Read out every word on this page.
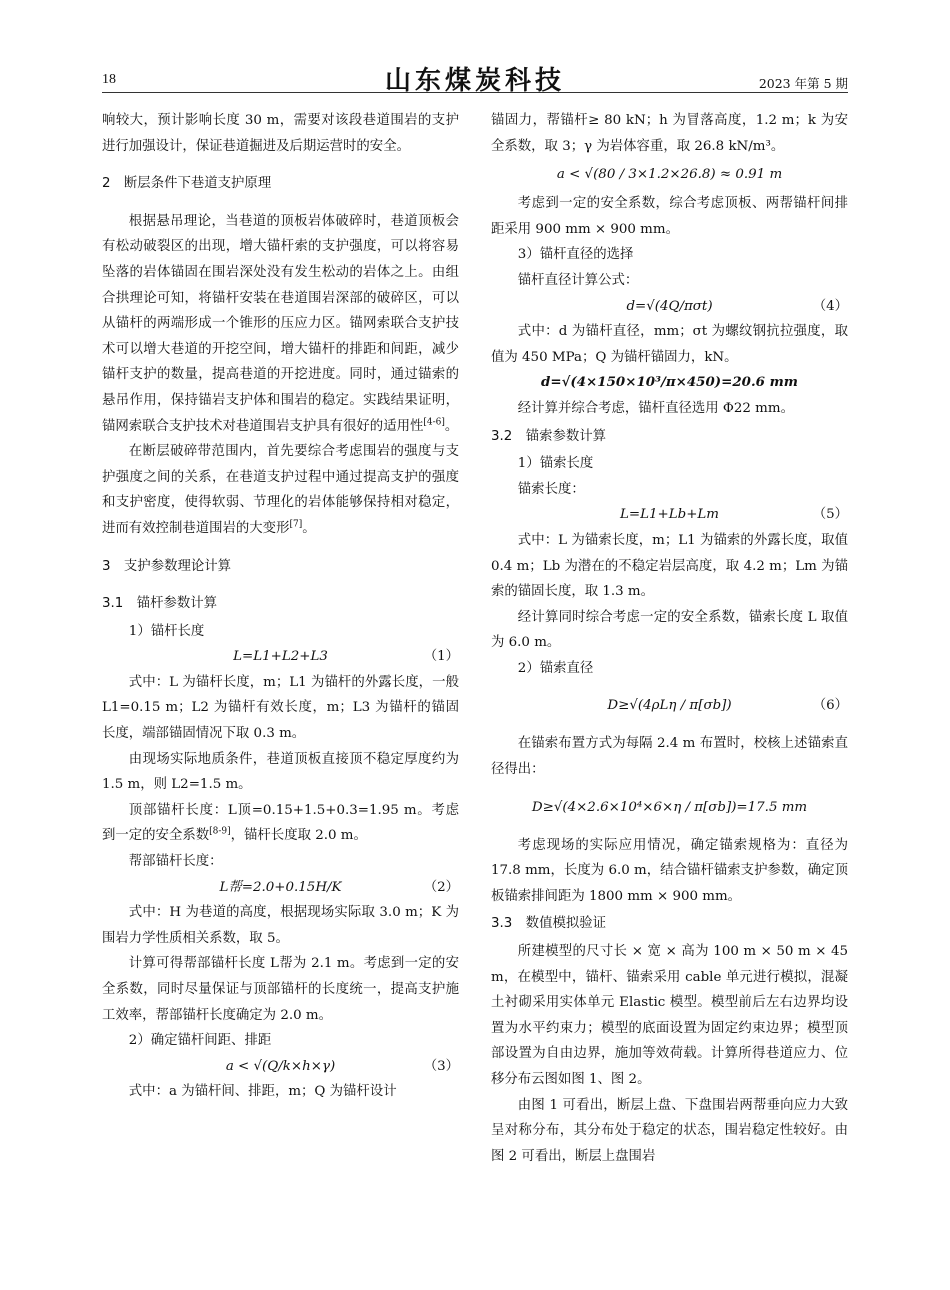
18	山东煤炭科技	2023 年第 5 期

响较大，预计影响长度 30 m，需要对该段巷道围岩的支护进行加强设计，保证巷道掘进及后期运营时的安全。

2　断层条件下巷道支护原理

根据悬吊理论，当巷道的顶板岩体破碎时，巷道顶板会有松动破裂区的出现，增大锚杆索的支护强度，可以将容易坠落的岩体锚固在围岩深处没有发生松动的岩体之上。由组合拱理论可知，将锚杆安装在巷道围岩深部的破碎区，可以从锚杆的两端形成一个锥形的压应力区。锚网索联合支护技术可以增大巷道的开挖空间，增大锚杆的排距和间距，减少锚杆支护的数量，提高巷道的开挖进度。同时，通过锚索的悬吊作用，保持锚岩支护体和围岩的稳定。实践结果证明，锚网索联合支护技术对巷道围岩支护具有很好的适用性[4-6]。

在断层破碎带范围内，首先要综合考虑围岩的强度与支护强度之间的关系，在巷道支护过程中通过提高支护的强度和支护密度，使得软弱、节理化的岩体能够保持相对稳定，进而有效控制巷道围岩的大变形[7]。

3　支护参数理论计算
3.1　锚杆参数计算

1）锚杆长度

L=L1+L2+L3	（1）

式中：L 为锚杆长度，m；L1 为锚杆的外露长度，一般 L1=0.15 m；L2 为锚杆有效长度，m；L3 为锚杆的锚固长度，端部锚固情况下取 0.3 m。

由现场实际地质条件，巷道顶板直接顶不稳定厚度约为 1.5 m，则 L2=1.5 m。

顶部锚杆长度：L顶=0.15+1.5+0.3=1.95 m。考虑到一定的安全系数[8-9]，锚杆长度取 2.0 m。

帮部锚杆长度：

L帮=2.0+0.15H/K	（2）

式中：H 为巷道的高度，根据现场实际取 3.0 m；K 为围岩力学性质相关系数，取 5。

计算可得帮部锚杆长度 L帮为 2.1 m。考虑到一定的安全系数，同时尽量保证与顶部锚杆的长度统一，提高支护施工效率，帮部锚杆长度确定为 2.0 m。

2）确定锚杆间距、排距

a < √(Q/k×h×γ)	（3）

式中：a 为锚杆间、排距，m；Q 为锚杆设计

锚固力，帮锚杆≥ 80 kN；h 为冒落高度，1.2 m；k 为安全系数，取 3；γ 为岩体容重，取 26.8 kN/m³。

a < √(80 / 3×1.2×26.8) ≈ 0.91 m

考虑到一定的安全系数，综合考虑顶板、两帮锚杆间排距采用 900 mm × 900 mm。

3）锚杆直径的选择

锚杆直径计算公式：

d=√(4Q/πσt)	（4）

式中：d 为锚杆直径，mm；σt 为螺纹钢抗拉强度，取值为 450 MPa；Q 为锚杆锚固力，kN。

d=√(4×150×10³/π×450)=20.6 mm

经计算并综合考虑，锚杆直径选用 Φ22 mm。

3.2　锚索参数计算

1）锚索长度

锚索长度：

L=L1+Lb+Lm	（5）

式中：L 为锚索长度，m；L1 为锚索的外露长度，取值 0.4 m；Lb 为潜在的不稳定岩层高度，取 4.2 m；Lm 为锚索的锚固长度，取 1.3 m。

经计算同时综合考虑一定的安全系数，锚索长度 L 取值为 6.0 m。

2）锚索直径

D≥√(4ρLη / π[σb])	（6）

在锚索布置方式为每隔 2.4 m 布置时，校核上述锚索直径得出：

D≥√(4×2.6×10⁴×6×η / π[σb])=17.5 mm

考虑现场的实际应用情况，确定锚索规格为：直径为 17.8 mm，长度为 6.0 m，结合锚杆锚索支护参数，确定顶板锚索排间距为 1800 mm × 900 mm。

3.3　数值模拟验证

所建模型的尺寸长 × 宽 × 高为 100 m × 50 m × 45 m，在模型中，锚杆、锚索采用 cable 单元进行模拟，混凝土衬砌采用实体单元 Elastic 模型。模型前后左右边界均设置为水平约束力；模型的底面设置为固定约束边界；模型顶部设置为自由边界，施加等效荷载。计算所得巷道应力、位移分布云图如图 1、图 2。

由图 1 可看出，断层上盘、下盘围岩两帮垂向应力大致呈对称分布，其分布处于稳定的状态，围岩稳定性较好。由图 2 可看出，断层上盘围岩
